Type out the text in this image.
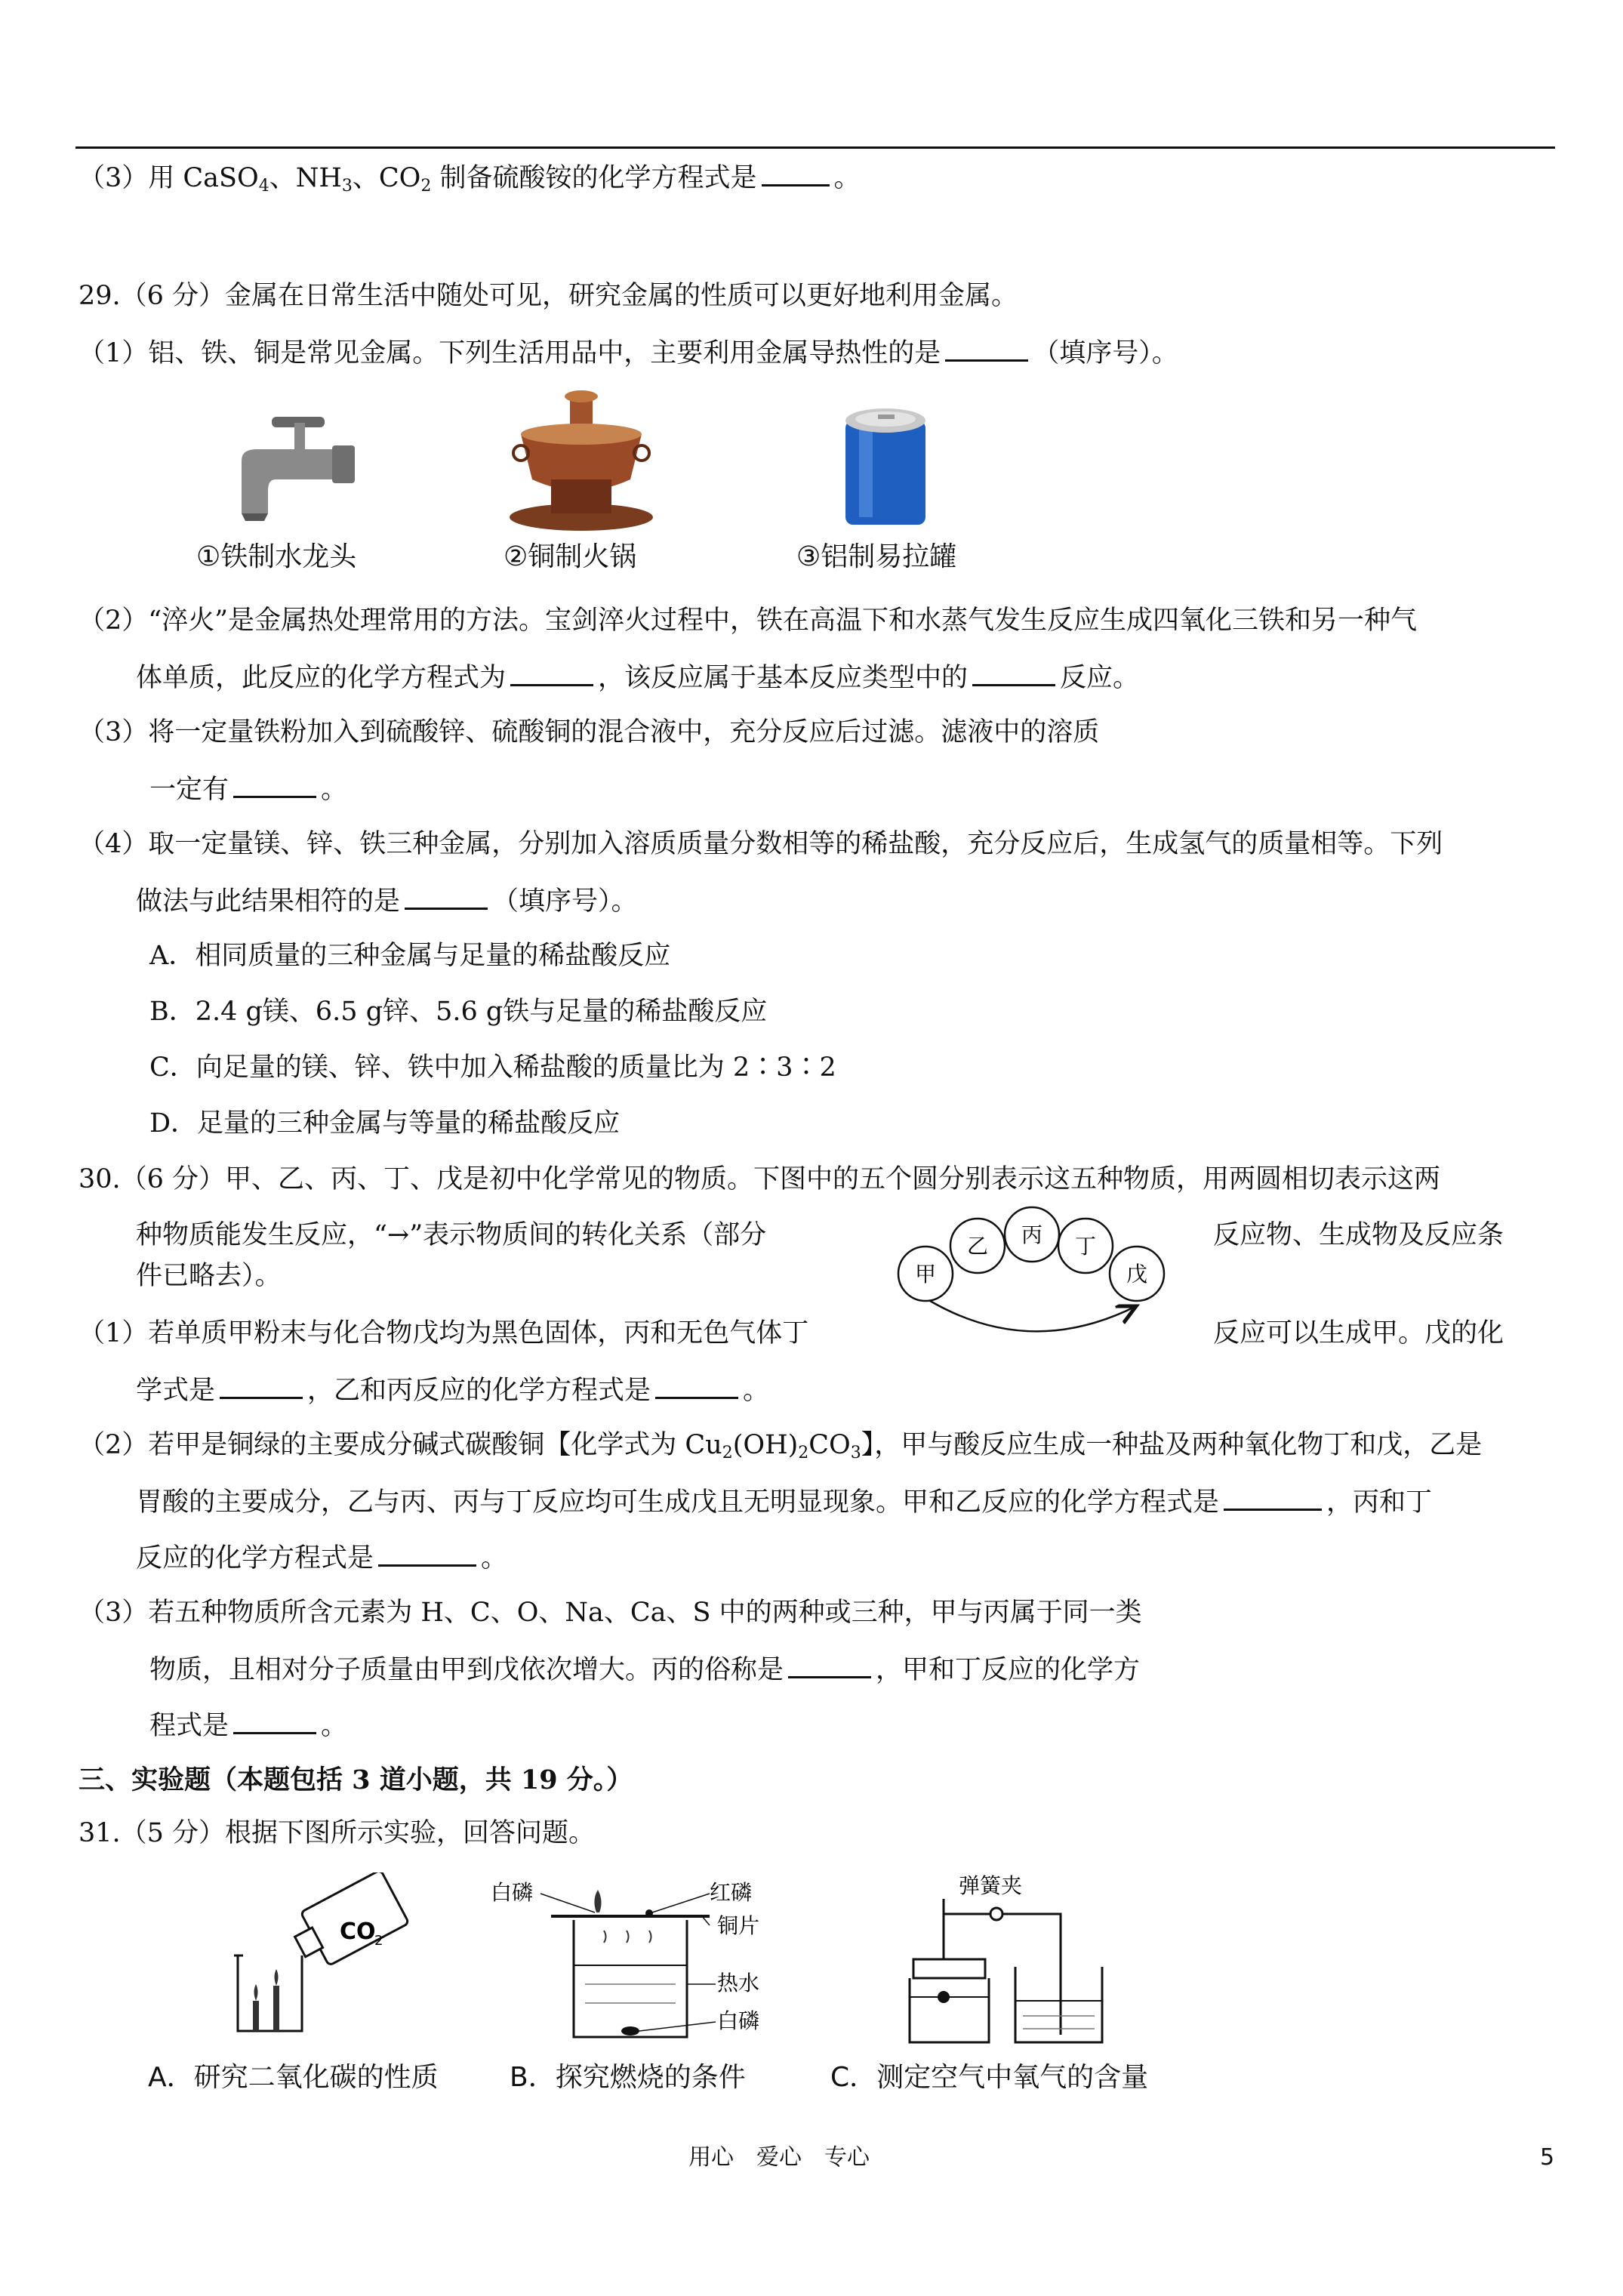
（3）用 CaSO$_4$、$NH_3$、$CO_2$ 制备硫酸铵的化学方程式是	。
29.（6 分）金属在日常生活中随处可见，研究金属的性质可以更好地利用金属。
（1）铝、铁、铜是常见金属。下列生活用品中，主要利用金属导热性的是	（填序号）。
①铁制水龙头	②铜制火锅	③铝制易拉罐
（2）“淬火”是金属热处理常用的方法。宝剑淬火过程中，铁在高温下和水蒸气发生反应生成四氧化三铁和另一种气
体单质，此反应的化学方程式为	，该反应属于基本反应类型中的	反应。
（3）将一定量铁粉加入到硫酸锌、硫酸铜的混合液中，充分反应后过滤。滤液中的溶质
一定有	。
（4）取一定量镁、锌、铁三种金属，分别加入溶质质量分数相等的稀盐酸，充分反应后，生成氢气的质量相等。下列
做法与此结果相符的是	（填序号）。
A．相同质量的三种金属与足量的稀盐酸反应
B．2.4 g镁、6.5 g锌、5.6 g铁与足量的稀盐酸反应
C．向足量的镁、锌、铁中加入稀盐酸的质量比为 2∶3∶2
D．足量的三种金属与等量的稀盐酸反应
30.（6 分）甲、乙、丙、丁、戊是初中化学常见的物质。下图中的五个圆分别表示这五种物质，用两圆相切表示这两
种物质能发生反应，“→”表示物质间的转化关系（部分	反应物、生成物及反应条
件已略去）。	甲
乙 丙 丁
戊
（1）若单质甲粉末与化合物戊均为黑色固体，丙和无色气体丁	反应可以生成甲。戊的化
学式是	，乙和丙反应的化学方程式是	。
（2）若甲是铜绿的主要成分碱式碳酸铜【化学式为 $Cu_2(OH)_2CO_3$】，甲与酸反应生成一种盐及两种氧化物丁和戊，乙是
胃酸的主要成分，乙与丙、丙与丁反应均可生成戊且无明显现象。甲和乙反应的化学方程式是	，丙和丁
反应的化学方程式是	。
（3）若五种物质所含元素为 H、C、O、Na、Ca、S 中的两种或三种，甲与丙属于同一类
物质，且相对分子质量由甲到戊依次增大。丙的俗称是	，甲和丁反应的化学方
程式是	。
三、实验题（本题包括 3 道小题，共 19 分。）
31.（5 分）根据下图所示实验，回答问题。
CO
2
白磷	红磷
铜片
热水
白磷
弹簧夹
A．研究二氧化碳的性质	B．探究燃烧的条件	C．测定空气中氧气的含量
用心　爱心　专心	5
